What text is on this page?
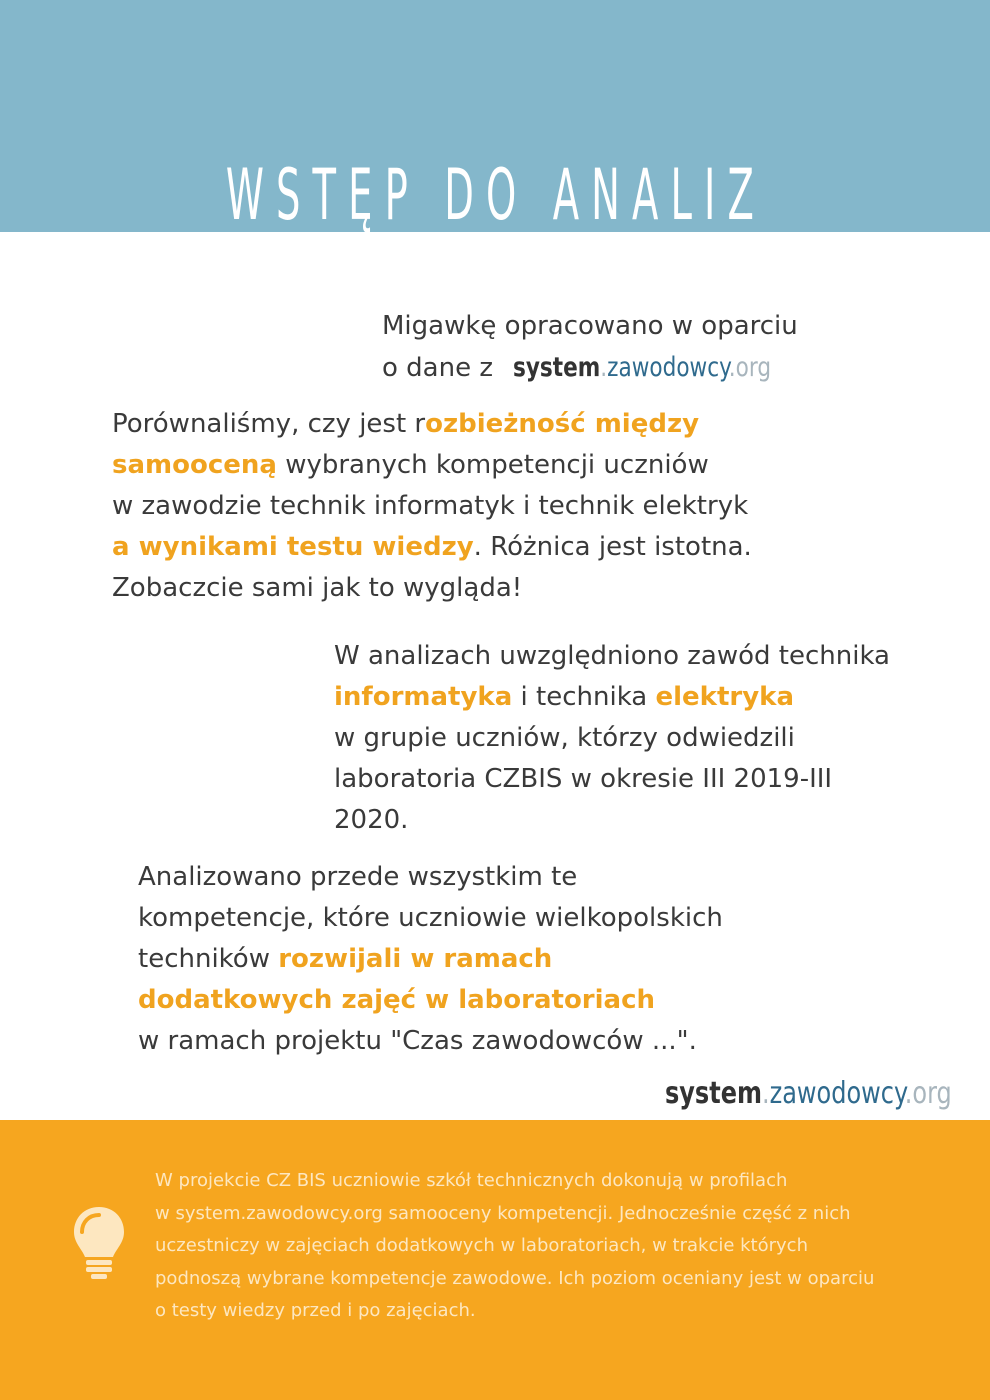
WSTĘP DO ANALIZ
Migawkę opracowano w oparciu
o dane z system.zawodowcy.org
Porównaliśmy, czy jest rozbieżność między
samooceną wybranych kompetencji uczniów
w zawodzie technik informatyk i technik elektryk
a wynikami testu wiedzy. Różnica jest istotna.
Zobaczcie sami jak to wygląda!
W analizach uwzględniono zawód technika
informatyka i technika elektryka
w grupie uczniów, którzy odwiedzili
laboratoria CZBIS w okresie III 2019-III
2020.
Analizowano przede wszystkim te
kompetencje, które uczniowie wielkopolskich
techników rozwijali w ramach
dodatkowych zajęć w laboratoriach
w ramach projektu "Czas zawodowców ...".
system.zawodowcy.org
W projekcie CZ BIS uczniowie szkół technicznych dokonują w profilach
w system.zawodowcy.org samooceny kompetencji. Jednocześnie część z nich
uczestniczy w zajęciach dodatkowych w laboratoriach, w trakcie których
podnoszą wybrane kompetencje zawodowe. Ich poziom oceniany jest w oparciu
o testy wiedzy przed i po zajęciach.
